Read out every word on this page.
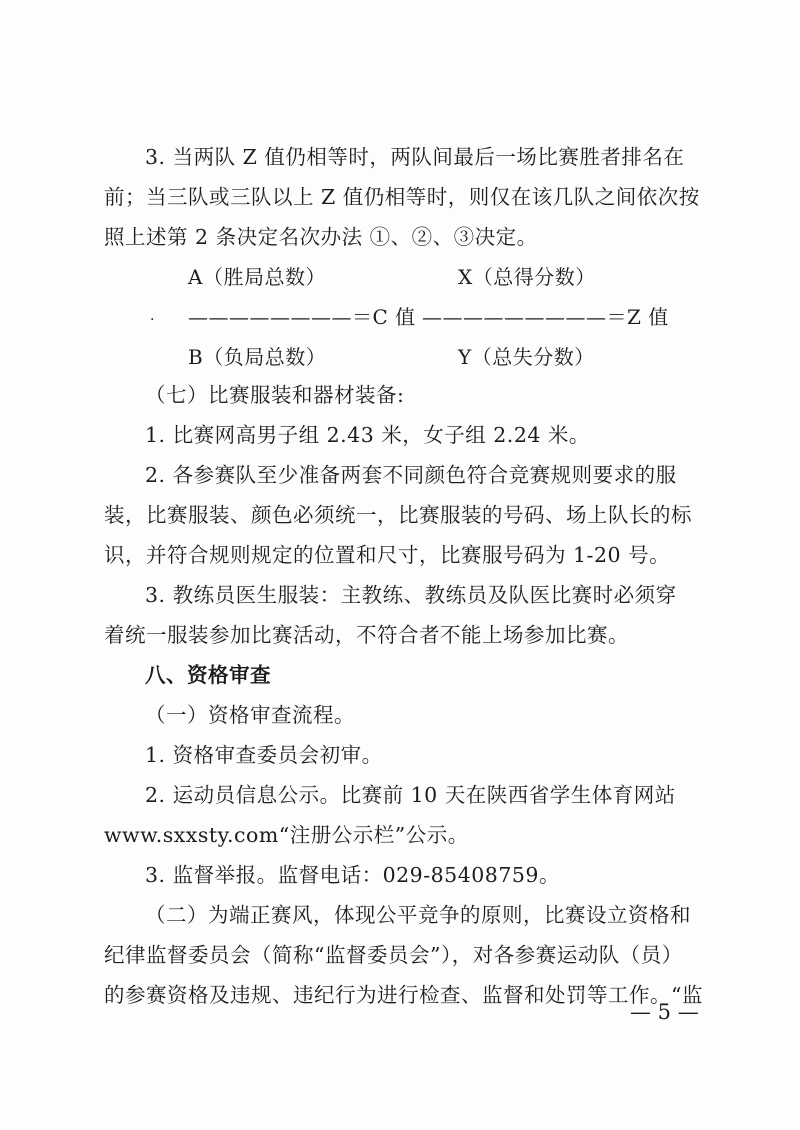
3. 当两队 Z 值仍相等时，两队间最后一场比赛胜者排名在
前；当三队或三队以上 Z 值仍相等时，则仅在该几队之间依次按
照上述第 2 条决定名次办法 ①、②、③决定。
A（胜局总数）	X（总得分数）
. ————————＝C 值 —————————＝Z 值
B（负局总数）	Y（总失分数）
（七）比赛服装和器材装备:
1. 比赛网高男子组 2.43 米，女子组 2.24 米。
2. 各参赛队至少准备两套不同颜色符合竞赛规则要求的服
装，比赛服装、颜色必须统一，比赛服装的号码、场上队长的标
识，并符合规则规定的位置和尺寸，比赛服号码为 1-20 号。
3. 教练员医生服装：主教练、教练员及队医比赛时必须穿
着统一服装参加比赛活动，不符合者不能上场参加比赛。
八、资格审查
（一）资格审查流程。
1. 资格审查委员会初审。
2. 运动员信息公示。比赛前 10 天在陕西省学生体育网站
www.sxxsty.com“注册公示栏”公示。
3. 监督举报。监督电话：029-85408759。
（二）为端正赛风，体现公平竞争的原则，比赛设立资格和
纪律监督委员会（简称“监督委员会”），对各参赛运动队（员）
的参赛资格及违规、违纪行为进行检查、监督和处罚等工作。“监
— 5 —
